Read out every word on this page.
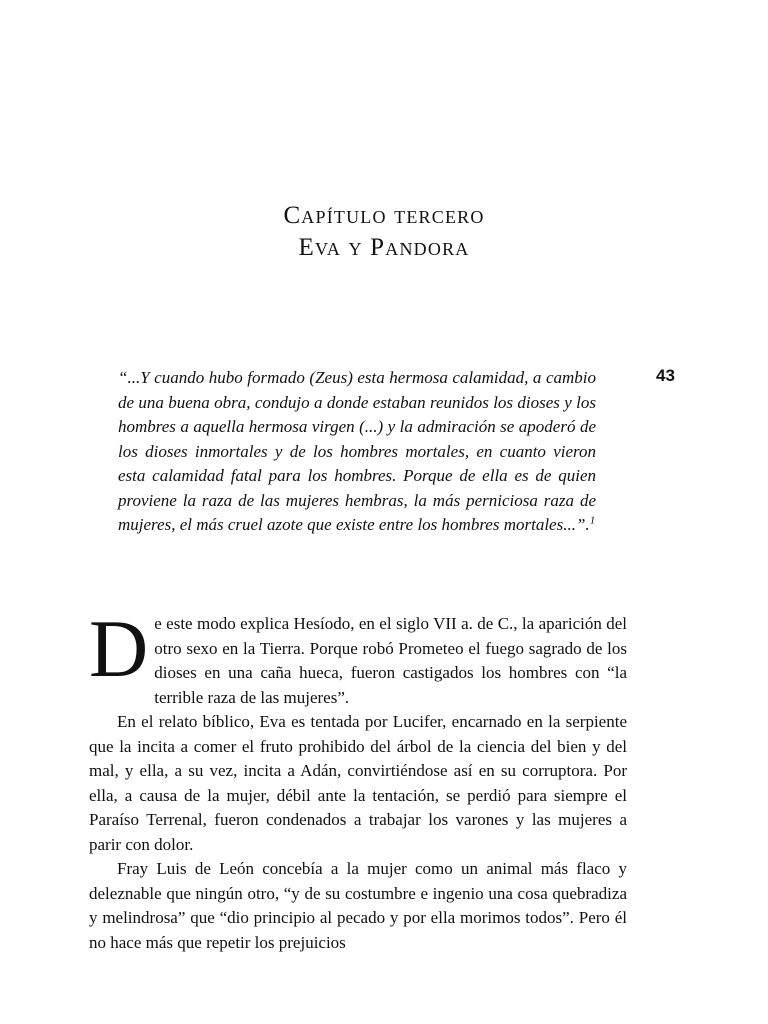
Capítulo tercero
Eva y Pandora
43
“...Y cuando hubo formado (Zeus) esta hermosa calamidad, a cambio de una buena obra, condujo a donde estaban reunidos los dioses y los hombres a aquella hermosa virgen (...) y la admiración se apoderó de los dioses inmortales y de los hombres mortales, en cuanto vieron esta calamidad fatal para los hombres. Porque de ella es de quien proviene la raza de las mujeres hembras, la más perniciosa raza de mujeres, el más cruel azote que existe entre los hombres mortales...”.$^1$

De este modo explica Hesíodo, en el siglo VII a. de C., la aparición del otro sexo en la Tierra. Porque robó Prometeo el fuego sagrado de los dioses en una caña hueca, fueron castigados los hombres con “la terrible raza de las mujeres”.

En el relato bíblico, Eva es tentada por Lucifer, encarnado en la serpiente que la incita a comer el fruto prohibido del árbol de la ciencia del bien y del mal, y ella, a su vez, incita a Adán, convirtiéndose así en su corruptora. Por ella, a causa de la mujer, débil ante la tentación, se perdió para siempre el Paraíso Terrenal, fueron condenados a trabajar los varones y las mujeres a parir con dolor.

Fray Luis de León concebía a la mujer como un animal más flaco y deleznable que ningún otro, “y de su costumbre e ingenio una cosa quebradiza y melindrosa” que “dio principio al pecado y por ella morimos todos”. Pero él no hace más que repetir los prejuicios
